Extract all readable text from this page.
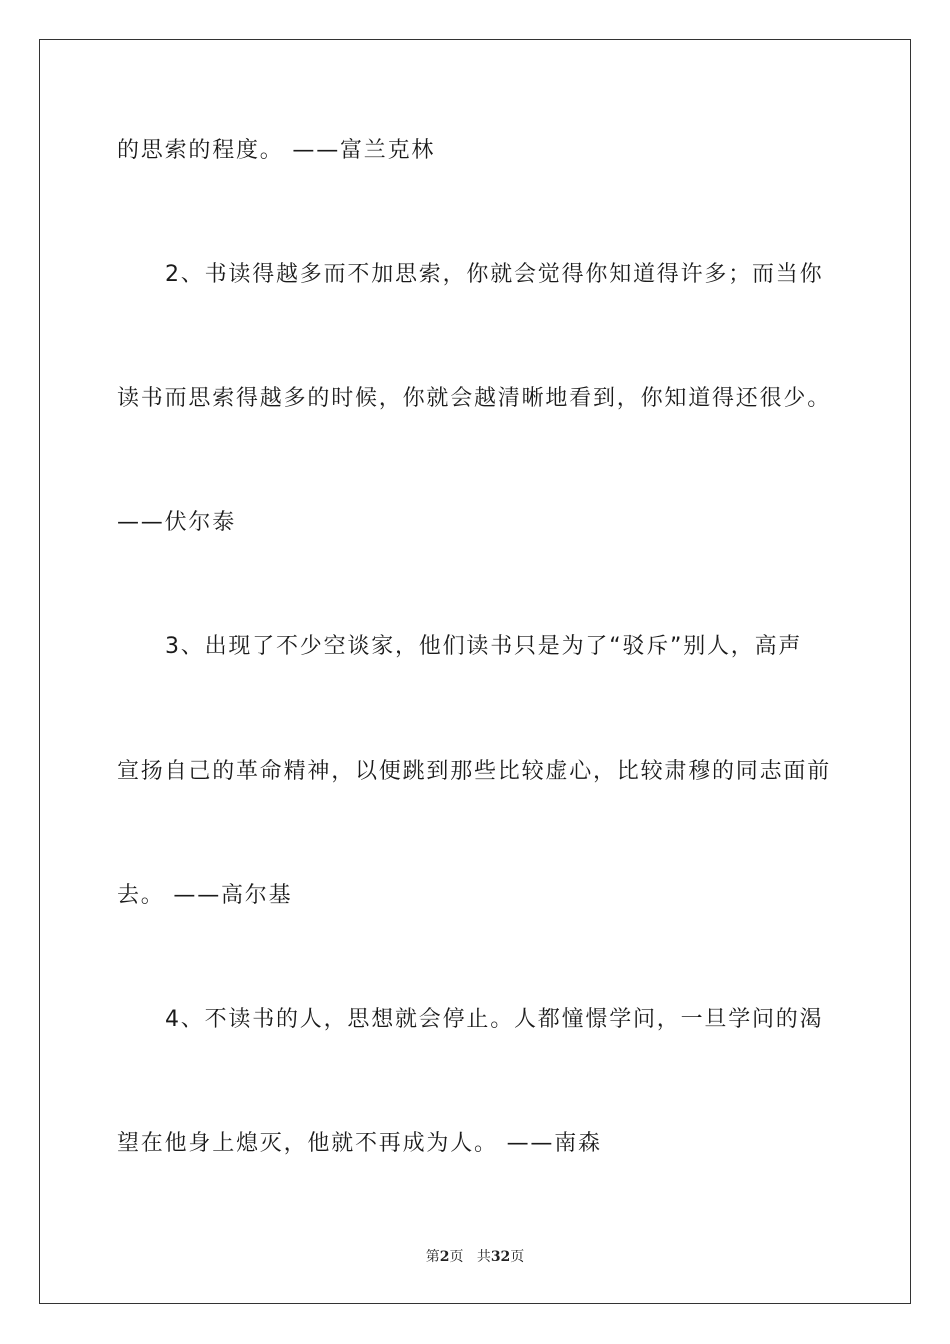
的思索的程度。 ——富兰克林
2、书读得越多而不加思索，你就会觉得你知道得许多；而当你
读书而思索得越多的时候，你就会越清晰地看到，你知道得还很少。
——伏尔泰
3、出现了不少空谈家，他们读书只是为了“驳斥”别人，高声
宣扬自己的革命精神，以便跳到那些比较虚心，比较肃穆的同志面前
去。 ——高尔基
4、不读书的人，思想就会停止。人都憧憬学问，一旦学问的渴
望在他身上熄灭，他就不再成为人。 ——南森
第2页 共32页
